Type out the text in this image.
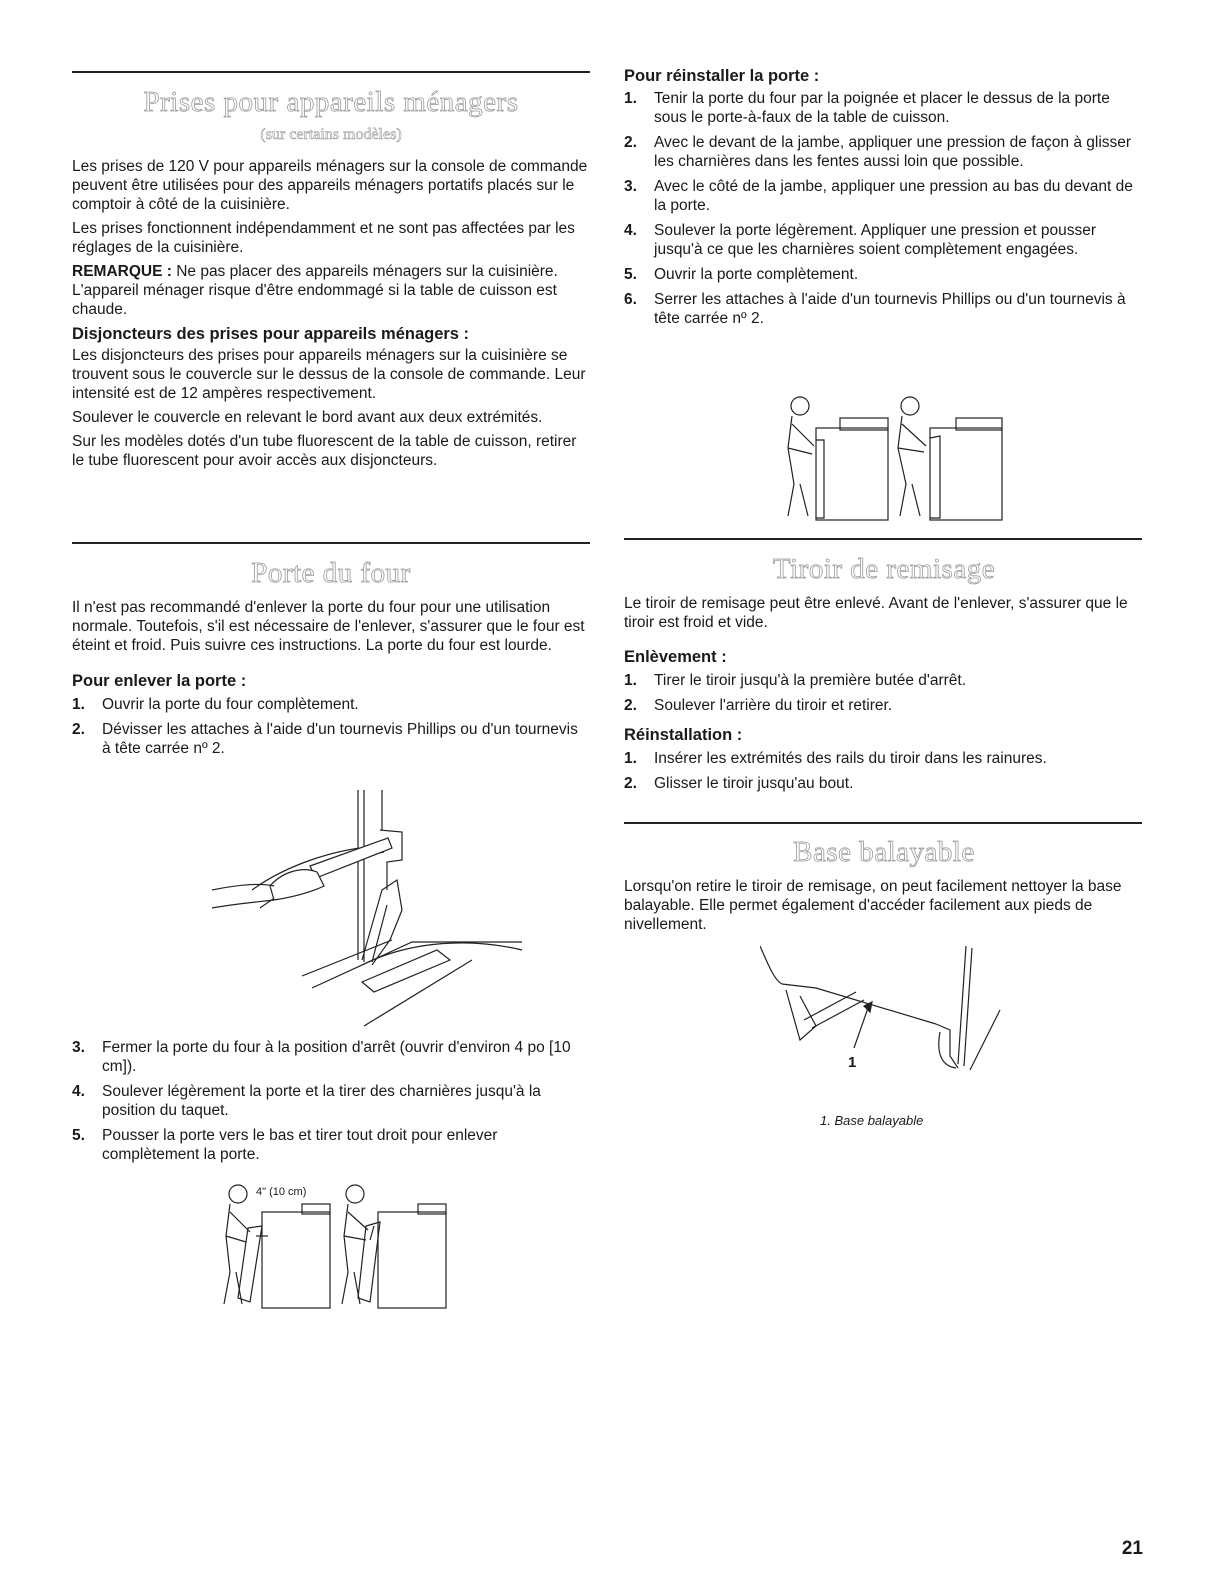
Prises pour appareils ménagers
(sur certains modèles)

Les prises de 120 V pour appareils ménagers sur la console de commande peuvent être utilisées pour des appareils ménagers portatifs placés sur le comptoir à côté de la cuisinière.

Les prises fonctionnent indépendamment et ne sont pas affectées par les réglages de la cuisinière.

REMARQUE : Ne pas placer des appareils ménagers sur la cuisinière. L'appareil ménager risque d'être endommagé si la table de cuisson est chaude.

Disjoncteurs des prises pour appareils ménagers :

Les disjoncteurs des prises pour appareils ménagers sur la cuisinière se trouvent sous le couvercle sur le dessus de la console de commande. Leur intensité est de 12 ampères respectivement.

Soulever le couvercle en relevant le bord avant aux deux extrémités.

Sur les modèles dotés d'un tube fluorescent de la table de cuisson, retirer le tube fluorescent pour avoir accès aux disjoncteurs.

Porte du four

Il n'est pas recommandé d'enlever la porte du four pour une utilisation normale. Toutefois, s'il est nécessaire de l'enlever, s'assurer que le four est éteint et froid. Puis suivre ces instructions. La porte du four est lourde.

Pour enlever la porte :
1. Ouvrir la porte du four complètement.
2. Dévisser les attaches à l'aide d'un tournevis Phillips ou d'un tournevis à tête carrée nº 2.
3. Fermer la porte du four à la position d'arrêt (ouvrir d'environ 4 po [10 cm]).
4. Soulever légèrement la porte et la tirer des charnières jusqu'à la position du taquet.
5. Pousser la porte vers le bas et tirer tout droit pour enlever complètement la porte.
4" (10 cm)
Pour réinstaller la porte :
1. Tenir la porte du four par la poignée et placer le dessus de la porte sous le porte-à-faux de la table de cuisson.
2. Avec le devant de la jambe, appliquer une pression de façon à glisser les charnières dans les fentes aussi loin que possible.
3. Avec le côté de la jambe, appliquer une pression au bas du devant de la porte.
4. Soulever la porte légèrement. Appliquer une pression et pousser jusqu'à ce que les charnières soient complètement engagées.
5. Ouvrir la porte complètement.
6. Serrer les attaches à l'aide d'un tournevis Phillips ou d'un tournevis à tête carrée nº 2.
Tiroir de remisage

Le tiroir de remisage peut être enlevé. Avant de l'enlever, s'assurer que le tiroir est froid et vide.

Enlèvement :
1. Tirer le tiroir jusqu'à la première butée d'arrêt.
2. Soulever l'arrière du tiroir et retirer.
Réinstallation :
1. Insérer les extrémités des rails du tiroir dans les rainures.
2. Glisser le tiroir jusqu'au bout.
Base balayable

Lorsqu'on retire le tiroir de remisage, on peut facilement nettoyer la base balayable. Elle permet également d'accéder facilement aux pieds de nivellement.

1
1. Base balayable
21
